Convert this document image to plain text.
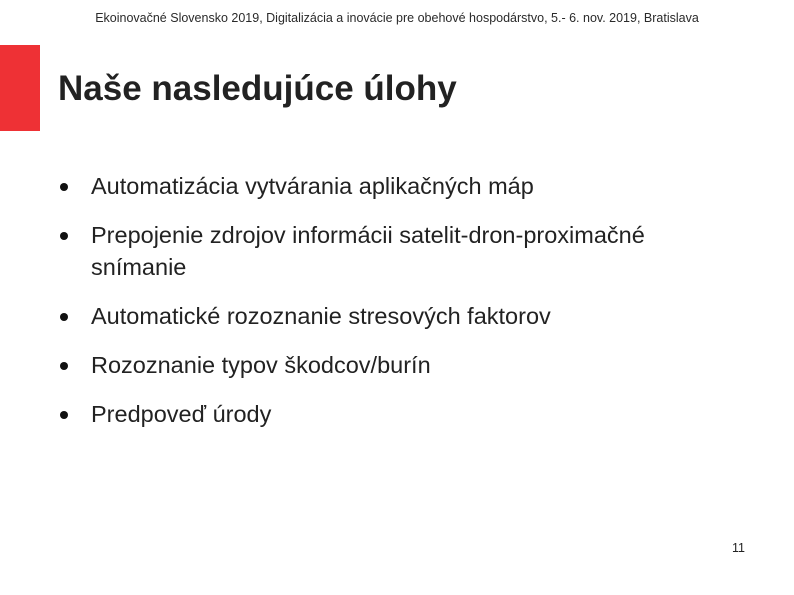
Ekoinovačné Slovensko 2019, Digitalizácia a inovácie pre obehové hospodárstvo, 5.- 6. nov. 2019, Bratislava
Naše nasledujúce úlohy
Automatizácia vytvárania aplikačných máp
Prepojenie zdrojov informácii satelit-dron-proximačné snímanie
Automatické rozoznanie stresových faktorov
Rozoznanie typov škodcov/burín
Predpoveď úrody
11
